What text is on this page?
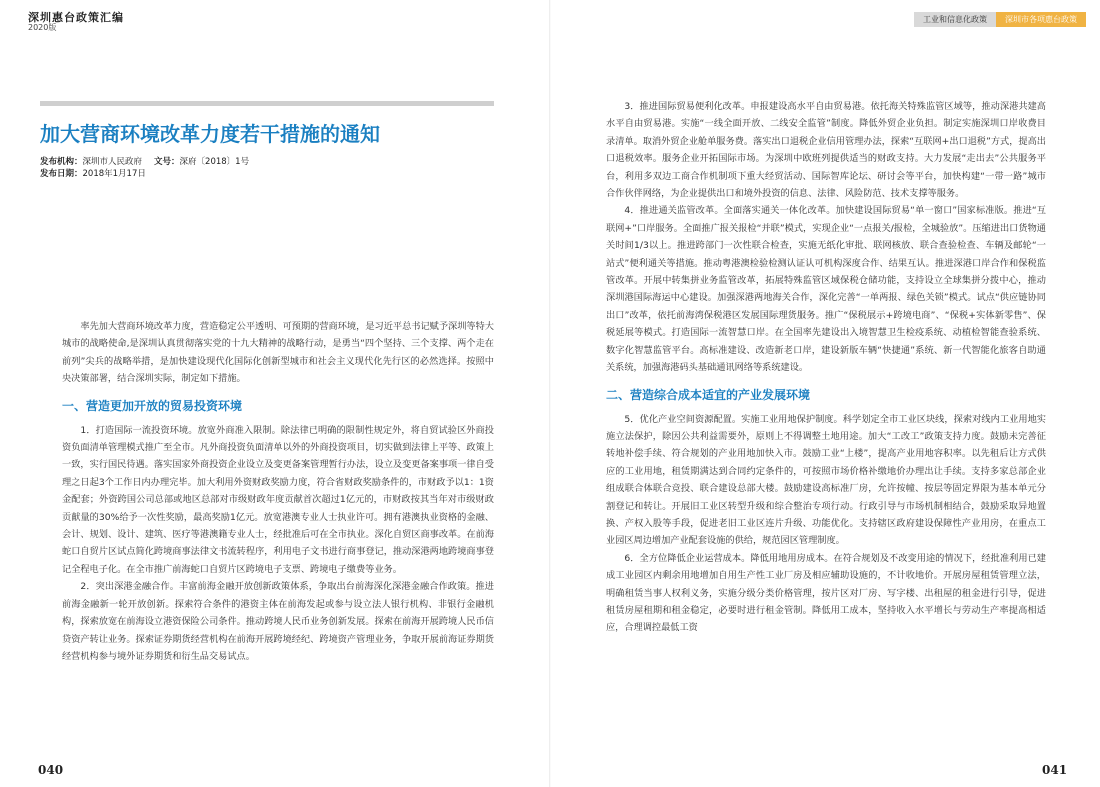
深圳惠台政策汇编
2020版
加大营商环境改革力度若干措施的通知
发布机构：深圳市人民政府 文号：深府〔2018〕1号
发布日期：2018年1月17日

率先加大营商环境改革力度，营造稳定公平透明、可预期的营商环境，是习近平总书记赋予深圳等特大城市的战略使命,是深圳认真贯彻落实党的十九大精神的战略行动，是勇当“四个坚持、三个支撑、两个走在前列”尖兵的战略举措，是加快建设现代化国际化创新型城市和社会主义现代化先行区的必然选择。按照中央决策部署，结合深圳实际，制定如下措施。

一、营造更加开放的贸易投资环境

1．打造国际一流投资环境。放宽外商准入限制。除法律已明确的限制性规定外，将自贸试验区外商投资负面清单管理模式推广至全市。凡外商投资负面清单以外的外商投资项目，切实做到法律上平等、政策上一致，实行国民待遇。落实国家外商投资企业设立及变更备案管理暂行办法，设立及变更备案事项一律自受理之日起3个工作日内办理完毕。加大利用外资财政奖励力度，符合省财政奖励条件的，市财政予以1：1资金配套；外资跨国公司总部或地区总部对市级财政年度贡献首次超过1亿元的，市财政按其当年对市级财政贡献量的30%给予一次性奖励，最高奖励1亿元。放宽港澳专业人士执业许可。拥有港澳执业资格的金融、会计、规划、设计、建筑、医疗等港澳籍专业人士，经批准后可在全市执业。深化自贸区商事改革。在前海蛇口自贸片区试点简化跨境商事法律文书流转程序，利用电子文书进行商事登记，推动深港两地跨境商事登记全程电子化。在全市推广前海蛇口自贸片区跨境电子支票、跨境电子缴费等业务。

2．突出深港金融合作。丰富前海金融开放创新政策体系，争取出台前海深化深港金融合作政策。推进前海金融新一轮开放创新。探索符合条件的港资主体在前海发起或参与设立法人银行机构、非银行金融机构，探索放宽在前海设立港资保险公司条件。推动跨境人民币业务创新发展。探索在前海开展跨境人民币信贷资产转让业务。探索证券期货经营机构在前海开展跨境经纪、跨境资产管理业务，争取开展前海证券期货经营机构参与境外证券期货和衍生品交易试点。

040
工业和信息化政策	深圳市各项惠台政策

3．推进国际贸易便利化改革。申报建设高水平自由贸易港。依托海关特殊监管区域等，推动深港共建高水平自由贸易港。实施“一线全面开放、二线安全监管”制度。降低外贸企业负担。制定实施深圳口岸收费目录清单。取消外贸企业舱单服务费。落实出口退税企业信用管理办法，探索“互联网+出口退税”方式，提高出口退税效率。服务企业开拓国际市场。为深圳中欧班列提供适当的财政支持。大力发展“走出去”公共服务平台，利用多双边工商合作机制项下重大经贸活动、国际智库论坛、研讨会等平台，加快构建“一带一路”城市合作伙伴网络，为企业提供出口和境外投资的信息、法律、风险防范、技术支撑等服务。

4．推进通关监管改革。全面落实通关一体化改革。加快建设国际贸易“单一窗口”国家标准版。推进“互联网+”口岸服务。全面推广报关报检“并联”模式，实现企业“一点报关/报检，全城验放”。压缩进出口货物通关时间1/3以上。推进跨部门一次性联合检查，实施无纸化审批、联网核放、联合查验检查、车辆及邮轮“一站式”便利通关等措施。推动粤港澳检验检测认证认可机构深度合作、结果互认。推进深港口岸合作和保税监管改革。开展中转集拼业务监管改革，拓展特殊监管区域保税仓储功能，支持设立全球集拼分拨中心，推动深圳港国际海运中心建设。加强深港两地海关合作，深化完善“一单两报、绿色关锁”模式。试点“供应链协同出口”改革，依托前海湾保税港区发展国际理货服务。推广“保税展示+跨境电商”、“保税+实体新零售”、保税延展等模式。打造国际一流智慧口岸。在全国率先建设出入境智慧卫生检疫系统、动植检智能查验系统、数字化智慧监管平台。高标准建设、改造新老口岸，建设新版车辆“快捷通”系统、新一代智能化旅客自助通关系统，加强海港码头基础通讯网络等系统建设。

二、营造综合成本适宜的产业发展环境

5．优化产业空间资源配置。实施工业用地保护制度。科学划定全市工业区块线，探索对线内工业用地实施立法保护，除因公共利益需要外，原则上不得调整土地用途。加大“工改工”政策支持力度。鼓励未完善征转地补偿手续、符合规划的产业用地加快入市。鼓励工业“上楼”，提高产业用地容积率。以先租后让方式供应的工业用地，租赁期满达到合同约定条件的，可按照市场价格补缴地价办理出让手续。支持多家总部企业组成联合体联合竞投、联合建设总部大楼。鼓励建设高标准厂房，允许按幢、按层等固定界限为基本单元分割登记和转让。开展旧工业区转型升级和综合整治专项行动。行政引导与市场机制相结合，鼓励采取异地置换、产权入股等手段，促进老旧工业区连片升级、功能优化。支持辖区政府建设保障性产业用房，在重点工业园区周边增加产业配套设施的供给，规范园区管理制度。

6．全方位降低企业运营成本。降低用地用房成本。在符合规划及不改变用途的情况下，经批准利用已建成工业园区内剩余用地增加自用生产性工业厂房及相应辅助设施的，不计收地价。开展房屋租赁管理立法，明确租赁当事人权利义务，实施分级分类价格管理，按片区对厂房、写字楼、出租屋的租金进行引导，促进租赁房屋租期和租金稳定，必要时进行租金管制。降低用工成本，坚持收入水平增长与劳动生产率提高相适应，合理调控最低工资

041
